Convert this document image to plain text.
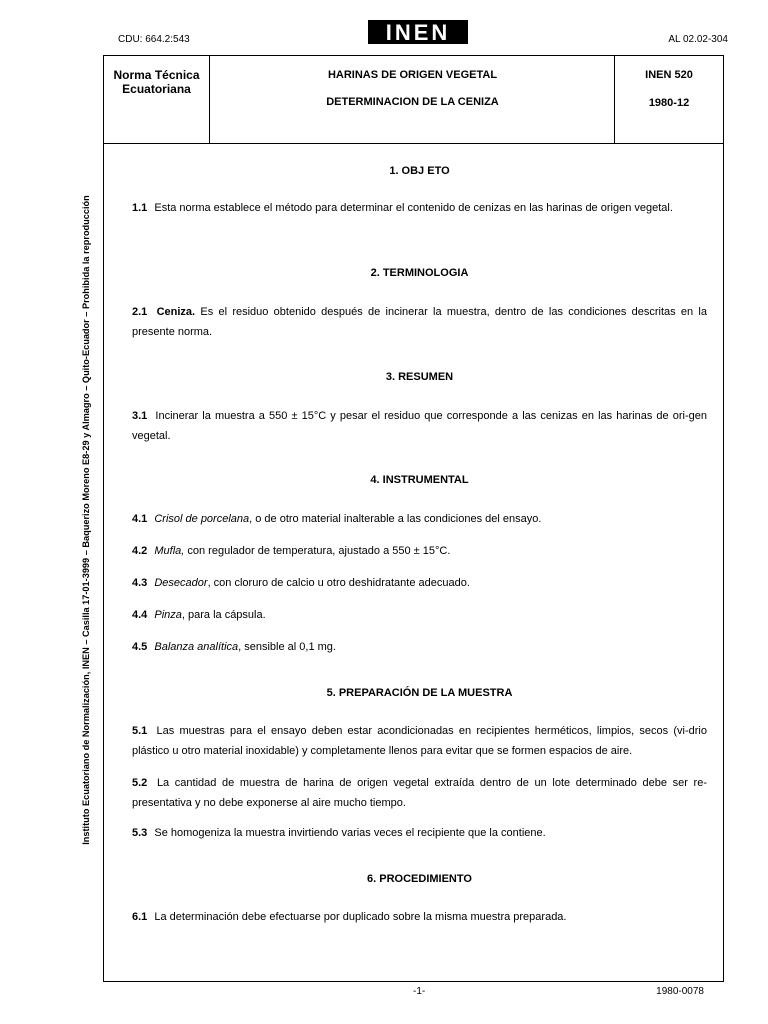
CDU: 664.2:543	INEN	AL 02.02-304
Instituto Ecuatoriano de Normalización, INEN – Casilla 17-01-3999 – Baquerizo Moreno E8-29 y Almagro – Quito-Ecuador – Prohibida la reproducción
Norma Técnica
Ecuatoriana
HARINAS DE ORIGEN VEGETAL
DETERMINACION DE LA CENIZA
INEN 520
1980-12
1. OBJ ETO
1.1 Esta norma establece el método para determinar el contenido de cenizas en las harinas de origen vegetal.
2. TERMINOLOGIA
2.1 Ceniza. Es el residuo obtenido después de incinerar la muestra, dentro de las condiciones descritas en la presente norma.
3. RESUMEN
3.1 Incinerar la muestra a 550 ± 15°C y pesar el residuo que corresponde a las cenizas en las harinas de ori-gen vegetal.
4. INSTRUMENTAL
4.1 Crisol de porcelana, o de otro material inalterable a las condiciones del ensayo.
4.2 Mufla, con regulador de temperatura, ajustado a 550 ± 15°C.
4.3 Desecador, con cloruro de calcio u otro deshidratante adecuado.
4.4 Pinza, para la cápsula.
4.5 Balanza analítica, sensible al 0,1 mg.
5. PREPARACIÓN DE LA MUESTRA
5.1 Las muestras para el ensayo deben estar acondicionadas en recipientes herméticos, limpios, secos (vi-drio plástico u otro material inoxidable) y completamente llenos para evitar que se formen espacios de aire.
5.2 La cantidad de muestra de harina de origen vegetal extraída dentro de un lote determinado debe ser re-presentativa y no debe exponerse al aire mucho tiempo.
5.3 Se homogeniza la muestra invirtiendo varias veces el recipiente que la contiene.
6. PROCEDIMIENTO
6.1 La determinación debe efectuarse por duplicado sobre la misma muestra preparada.
-1-	1980-0078
